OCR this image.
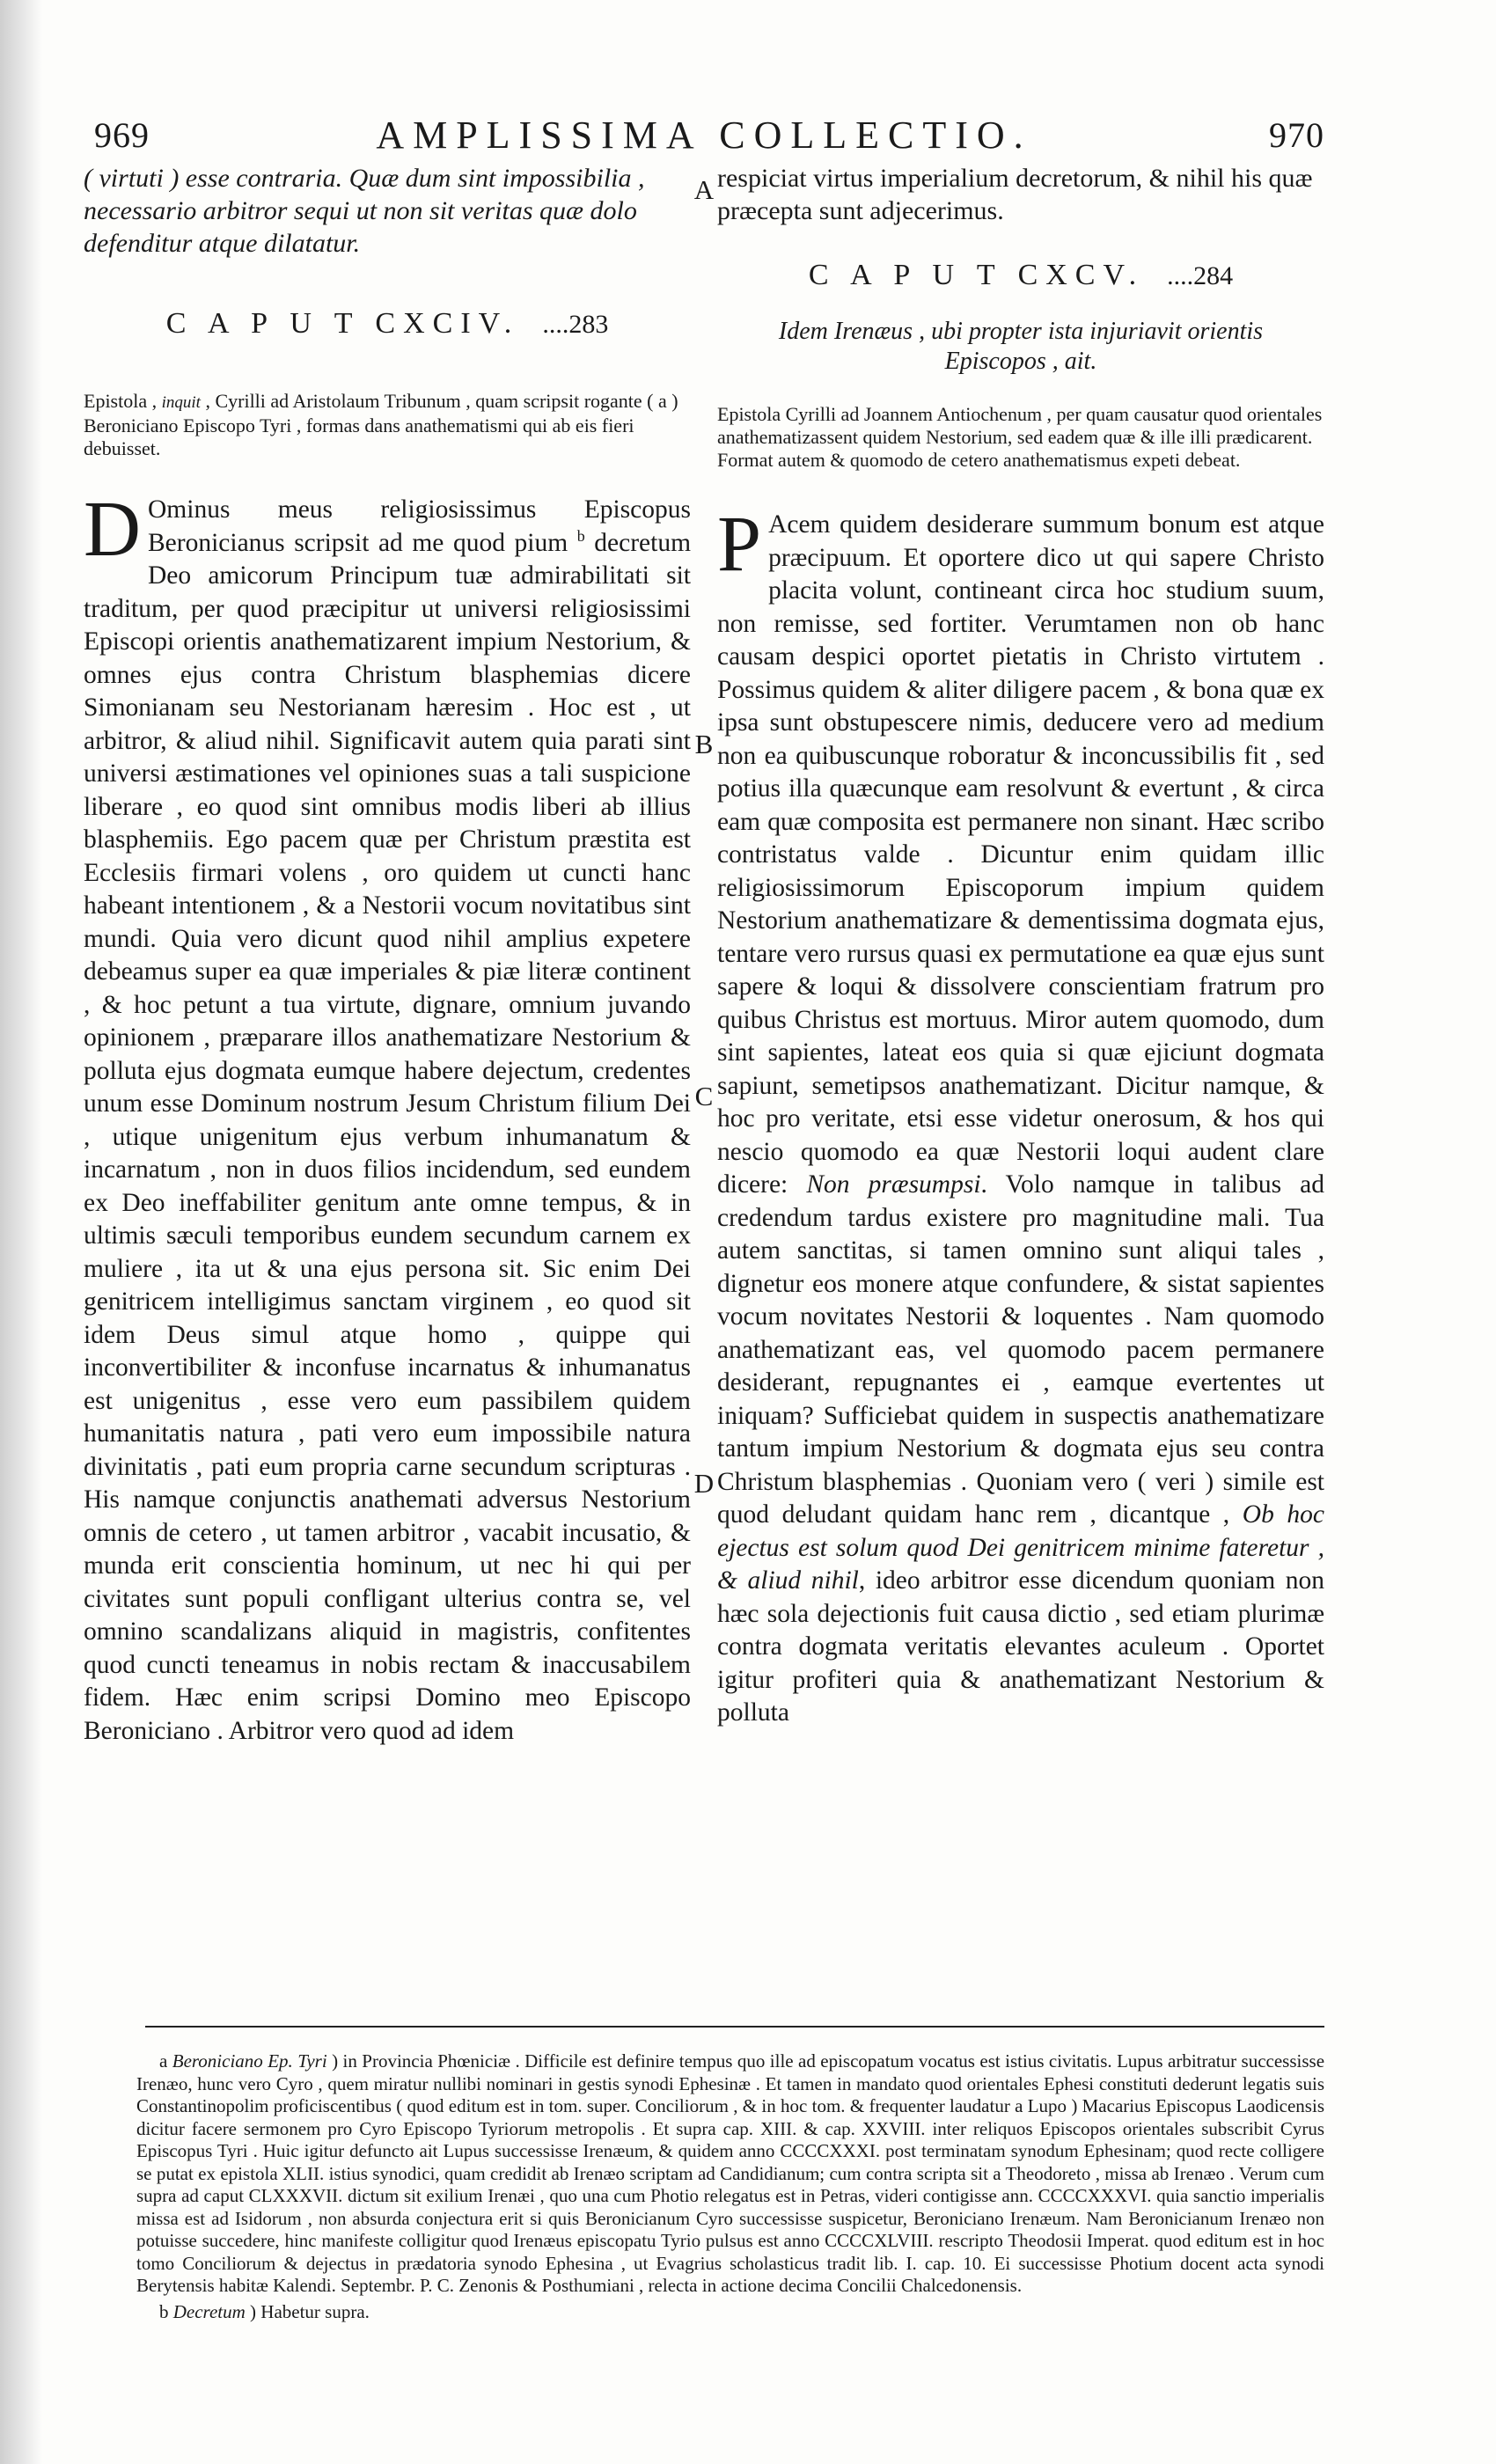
969	AMPLISSIMA COLLECTIO.	970
A
B
C
D

( virtuti ) esse contraria. Quæ dum sint impossibilia , necessario arbitror sequi ut non sit veritas quæ dolo defenditur atque dilatatur.

C A P U T CXCIV. ....283

Epistola , inquit , Cyrilli ad Aristolaum Tribunum , quam scripsit rogante ( a ) Beroniciano Episcopo Tyri , formas dans anathematismi qui ab eis fieri debuisset.

D Ominus meus religiosissimus Episcopus Beronicianus scripsit ad me quod pium $^b$ decretum Deo amicorum Principum tuæ admirabilitati sit traditum, per quod præcipitur ut universi religiosissimi Episcopi orientis anathematizarent impium Nestorium, & omnes ejus contra Christum blasphemias dicere Simonianam seu Nestorianam hæresim . Hoc est , ut arbitror, & aliud nihil. Significavit autem quia parati sint universi æstimationes vel opiniones suas a tali suspicione liberare , eo quod sint omnibus modis liberi ab illius blasphemiis. Ego pacem quæ per Christum præstita est Ecclesiis firmari volens , oro quidem ut cuncti hanc habeant intentionem , & a Nestorii vocum novitatibus sint mundi. Quia vero dicunt quod nihil amplius expetere debeamus super ea quæ imperiales & piæ literæ continent , & hoc petunt a tua virtute, dignare, omnium juvando opinionem , præparare illos anathematizare Nestorium & polluta ejus dogmata eumque habere dejectum, credentes unum esse Dominum nostrum Jesum Christum filium Dei , utique unigenitum ejus verbum inhumanatum & incarnatum , non in duos filios incidendum, sed eundem ex Deo ineffabiliter genitum ante omne tempus, & in ultimis sæculi temporibus eundem secundum carnem ex muliere , ita ut & una ejus persona sit. Sic enim Dei genitricem intelligimus sanctam virginem , eo quod sit idem Deus simul atque homo , quippe qui inconvertibiliter & inconfuse incarnatus & inhumanatus est unigenitus , esse vero eum passibilem quidem humanitatis natura , pati vero eum impossibile natura divinitatis , pati eum propria carne secundum scripturas . His namque conjunctis anathemati adversus Nestorium omnis de cetero , ut tamen arbitror , vacabit incusatio, & munda erit conscientia hominum, ut nec hi qui per civitates sunt populi confligant ulterius contra se, vel omnino scandalizans aliquid in magistris, confitentes quod cuncti teneamus in nobis rectam & inaccusabilem fidem. Hæc enim scripsi Domino meo Episcopo Beroniciano . Arbitror vero quod ad idem

respiciat virtus imperialium decretorum, & nihil his quæ præcepta sunt adjecerimus.

C A P U T CXCV. ....284

Idem Irenæus , ubi propter ista injuriavit orientis Episcopos , ait.

Epistola Cyrilli ad Joannem Antiochenum , per quam causatur quod orientales anathematizassent quidem Nestorium, sed eadem quæ & ille illi prædicarent. Format autem & quomodo de cetero anathematismus expeti debeat.

P Acem quidem desiderare summum bonum est atque præcipuum. Et oportere dico ut qui sapere Christo placita volunt, contineant circa hoc studium suum, non remisse, sed fortiter. Verumtamen non ob hanc causam despici oportet pietatis in Christo virtutem . Possimus quidem & aliter diligere pacem , & bona quæ ex ipsa sunt obstupescere nimis, deducere vero ad medium non ea quibuscunque roboratur & inconcussibilis fit , sed potius illa quæcunque eam resolvunt & evertunt , & circa eam quæ composita est permanere non sinant. Hæc scribo contristatus valde . Dicuntur enim quidam illic religiosissimorum Episcoporum impium quidem Nestorium anathematizare & dementissima dogmata ejus, tentare vero rursus quasi ex permutatione ea quæ ejus sunt sapere & loqui & dissolvere conscientiam fratrum pro quibus Christus est mortuus. Miror autem quomodo, dum sint sapientes, lateat eos quia si quæ ejiciunt dogmata sapiunt, semetipsos anathematizant. Dicitur namque, & hoc pro veritate, etsi esse videtur onerosum, & hos qui nescio quomodo ea quæ Nestorii loqui audent clare dicere: Non præsumpsi. Volo namque in talibus ad credendum tardus existere pro magnitudine mali. Tua autem sanctitas, si tamen omnino sunt aliqui tales , dignetur eos monere atque confundere, & sistat sapientes vocum novitates Nestorii & loquentes . Nam quomodo anathematizant eas, vel quomodo pacem permanere desiderant, repugnantes ei , eamque evertentes ut iniquam? Sufficiebat quidem in suspectis anathematizare tantum impium Nestorium & dogmata ejus seu contra Christum blasphemias . Quoniam vero ( veri ) simile est quod deludant quidam hanc rem , dicantque , Ob hoc ejectus est solum quod Dei genitricem minime fateretur , & aliud nihil, ideo arbitror esse dicendum quoniam non hæc sola dejectionis fuit causa dictio , sed etiam plurimæ contra dogmata veritatis elevantes aculeum . Oportet igitur profiteri quia & anathematizant Nestorium & polluta

a Beroniciano Ep. Tyri ) in Provincia Phœniciæ . Difficile est definire tempus quo ille ad episcopatum vocatus est istius civitatis. Lupus arbitratur successisse Irenæo, hunc vero Cyro , quem miratur nullibi nominari in gestis synodi Ephesinæ . Et tamen in mandato quod orientales Ephesi constituti dederunt legatis suis Constantinopolim proficiscentibus ( quod editum est in tom. super. Conciliorum , & in hoc tom. & frequenter laudatur a Lupo ) Macarius Episcopus Laodicensis dicitur facere sermonem pro Cyro Episcopo Tyriorum metropolis . Et supra cap. XIII. & cap. XXVIII. inter reliquos Episcopos orientales subscribit Cyrus Episcopus Tyri . Huic igitur defuncto ait Lupus successisse Irenæum, & quidem anno CCCCXXXI. post terminatam synodum Ephesinam; quod recte colligere se putat ex epistola XLII. istius synodici, quam credidit ab Irenæo scriptam ad Candidianum; cum contra scripta sit a Theodoreto , missa ab Irenæo . Verum cum supra ad caput CLXXXVII. dictum sit exilium Irenæi , quo una cum Photio relegatus est in Petras, videri contigisse ann. CCCCXXXVI. quia sanctio imperialis missa est ad Isidorum , non absurda conjectura erit si quis Beronicianum Cyro successisse suspicetur, Beroniciano Irenæum. Nam Beronicianum Irenæo non potuisse succedere, hinc manifeste colligitur quod Irenæus episcopatu Tyrio pulsus est anno CCCCXLVIII. rescripto Theodosii Imperat. quod editum est in hoc tomo Conciliorum & dejectus in prædatoria synodo Ephesina , ut Evagrius scholasticus tradit lib. I. cap. 10. Ei successisse Photium docent acta synodi Berytensis habitæ Kalendi. Septembr. P. C. Zenonis & Posthumiani , relecta in actione decima Concilii Chalcedonensis.

b Decretum ) Habetur supra.
